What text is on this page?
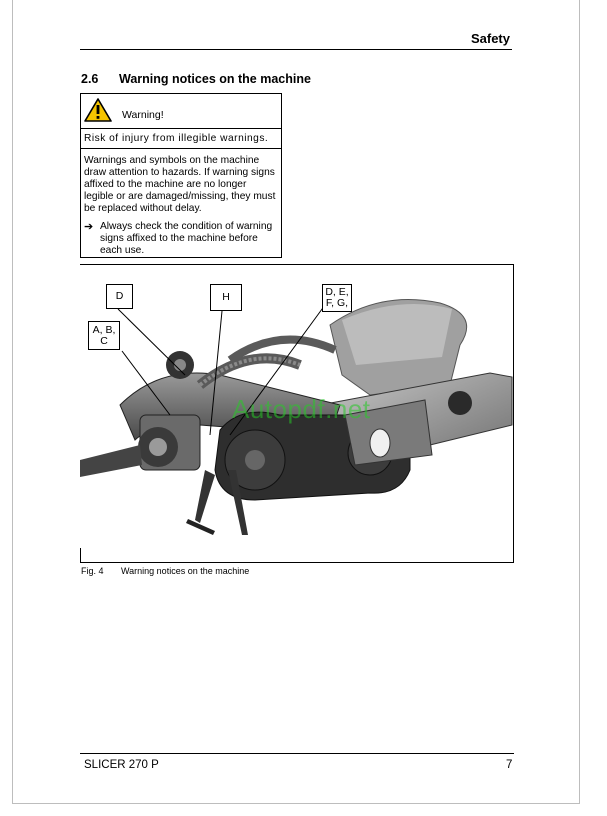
Safety
2.6 Warning notices on the machine
Warning!

Risk of injury from illegible warnings.

Warnings and symbols on the machine draw attention to hazards. If warning signs affixed to the machine are no longer legible or are damaged/missing, they must be replaced without delay.

➔ Always check the condition of warning signs affixed to the machine before each use.
D	H
A, B,
C
D, E,
F, G,
Autopdf.net
Fig. 4 Warning notices on the machine
SLICER 270 P	7
